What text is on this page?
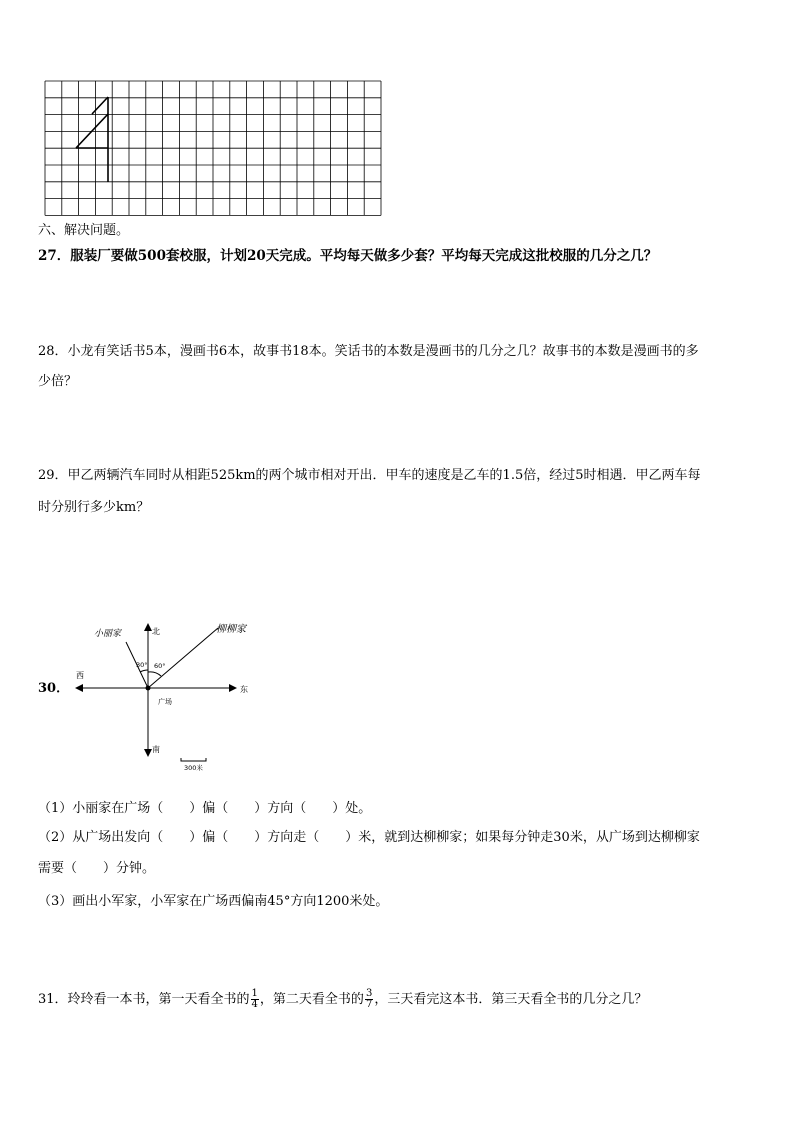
六、解决问题。
27．服装厂要做500套校服，计划20天完成。平均每天做多少套？平均每天完成这批校服的几分之几？
28．小龙有笑话书5本，漫画书6本，故事书18本。笑话书的本数是漫画书的几分之几？故事书的本数是漫画书的多
少倍？
29．甲乙两辆汽车同时从相距525km的两个城市相对开出．甲车的速度是乙车的1.5倍，经过5时相遇．甲乙两车每
时分别行多少km？
30．
北
南
东
西
广场
小丽家	柳柳家
30° 60°
300米
（1）小丽家在广场（　　）偏（　　）方向（　　）处。
（2）从广场出发向（　　）偏（　　）方向走（　　）米，就到达柳柳家；如果每分钟走30米，从广场到达柳柳家
需要（　　）分钟。
（3）画出小军家，小军家在广场西偏南45°方向1200米处。
31．玲玲看一本书，第一天看全书的 $\frac{1}{4}$ ，第二天看全书的 $\frac{3}{7}$ ，三天看完这本书．第三天看全书的几分之几？
